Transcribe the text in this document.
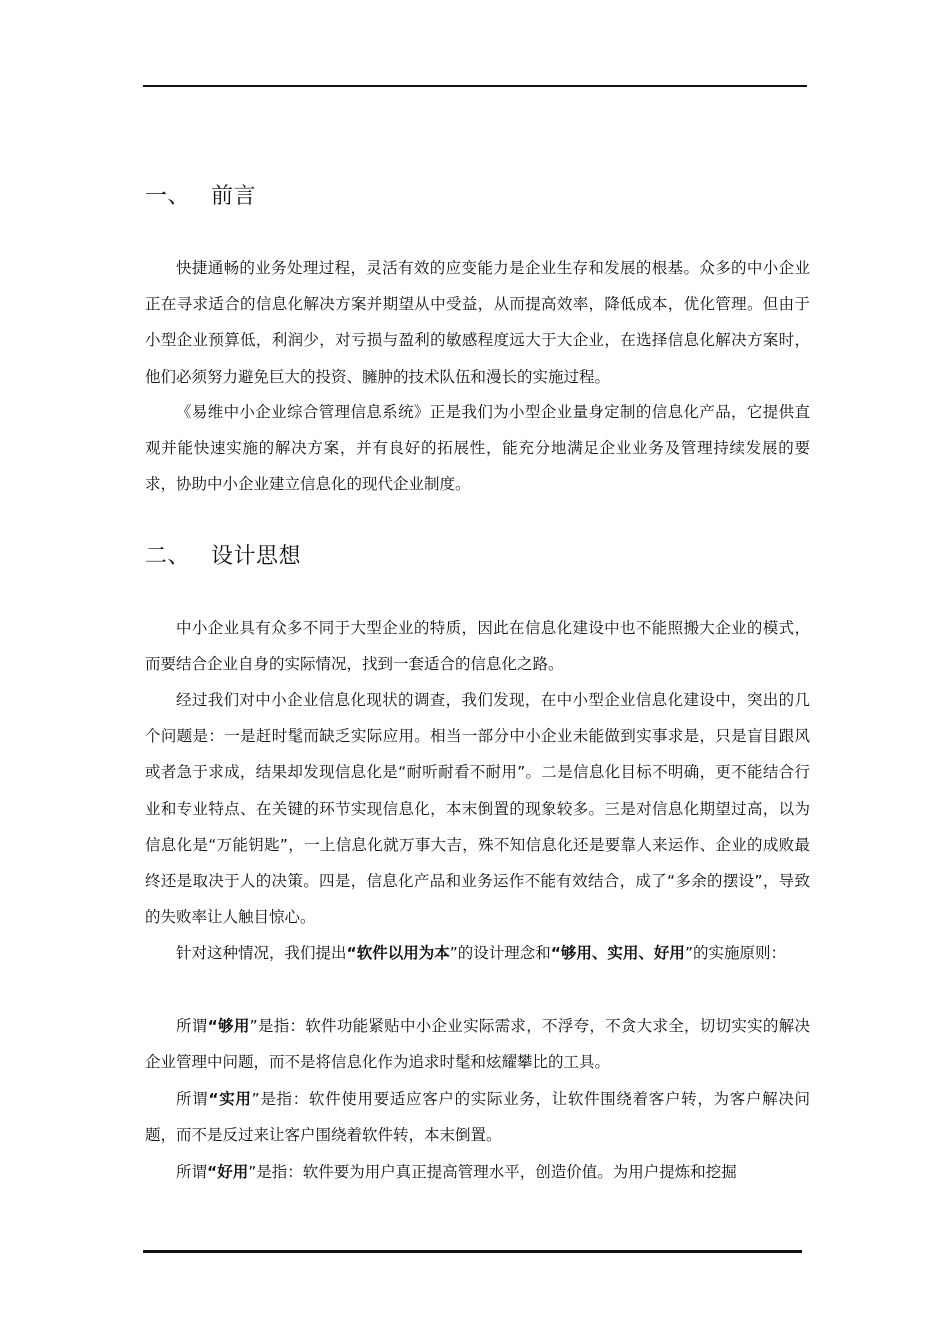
一、 前言

快捷通畅的业务处理过程，灵活有效的应变能力是企业生存和发展的根基。众多的中小企业正在寻求适合的信息化解决方案并期望从中受益，从而提高效率，降低成本，优化管理。但由于小型企业预算低，利润少，对亏损与盈利的敏感程度远大于大企业，在选择信息化解决方案时，他们必须努力避免巨大的投资、臃肿的技术队伍和漫长的实施过程。

《易维中小企业综合管理信息系统》正是我们为小型企业量身定制的信息化产品，它提供直观并能快速实施的解决方案，并有良好的拓展性，能充分地满足企业业务及管理持续发展的要求，协助中小企业建立信息化的现代企业制度。

二、 设计思想

中小企业具有众多不同于大型企业的特质，因此在信息化建设中也不能照搬大企业的模式，而要结合企业自身的实际情况，找到一套适合的信息化之路。

经过我们对中小企业信息化现状的调查，我们发现，在中小型企业信息化建设中，突出的几个问题是：一是赶时髦而缺乏实际应用。相当一部分中小企业未能做到实事求是，只是盲目跟风或者急于求成，结果却发现信息化是“耐听耐看不耐用”。二是信息化目标不明确，更不能结合行业和专业特点、在关键的环节实现信息化，本末倒置的现象较多。三是对信息化期望过高，以为信息化是“万能钥匙”，一上信息化就万事大吉，殊不知信息化还是要靠人来运作、企业的成败最终还是取决于人的决策。四是，信息化产品和业务运作不能有效结合，成了“多余的摆设”，导致的失败率让人触目惊心。

针对这种情况，我们提出“软件以用为本”的设计理念和“够用、实用、好用”的实施原则：

所谓“够用”是指：软件功能紧贴中小企业实际需求，不浮夸，不贪大求全，切切实实的解决企业管理中问题，而不是将信息化作为追求时髦和炫耀攀比的工具。

所谓“实用”是指：软件使用要适应客户的实际业务，让软件围绕着客户转，为客户解决问题，而不是反过来让客户围绕着软件转，本末倒置。

所谓“好用”是指：软件要为用户真正提高管理水平，创造价值。为用户提炼和挖掘
